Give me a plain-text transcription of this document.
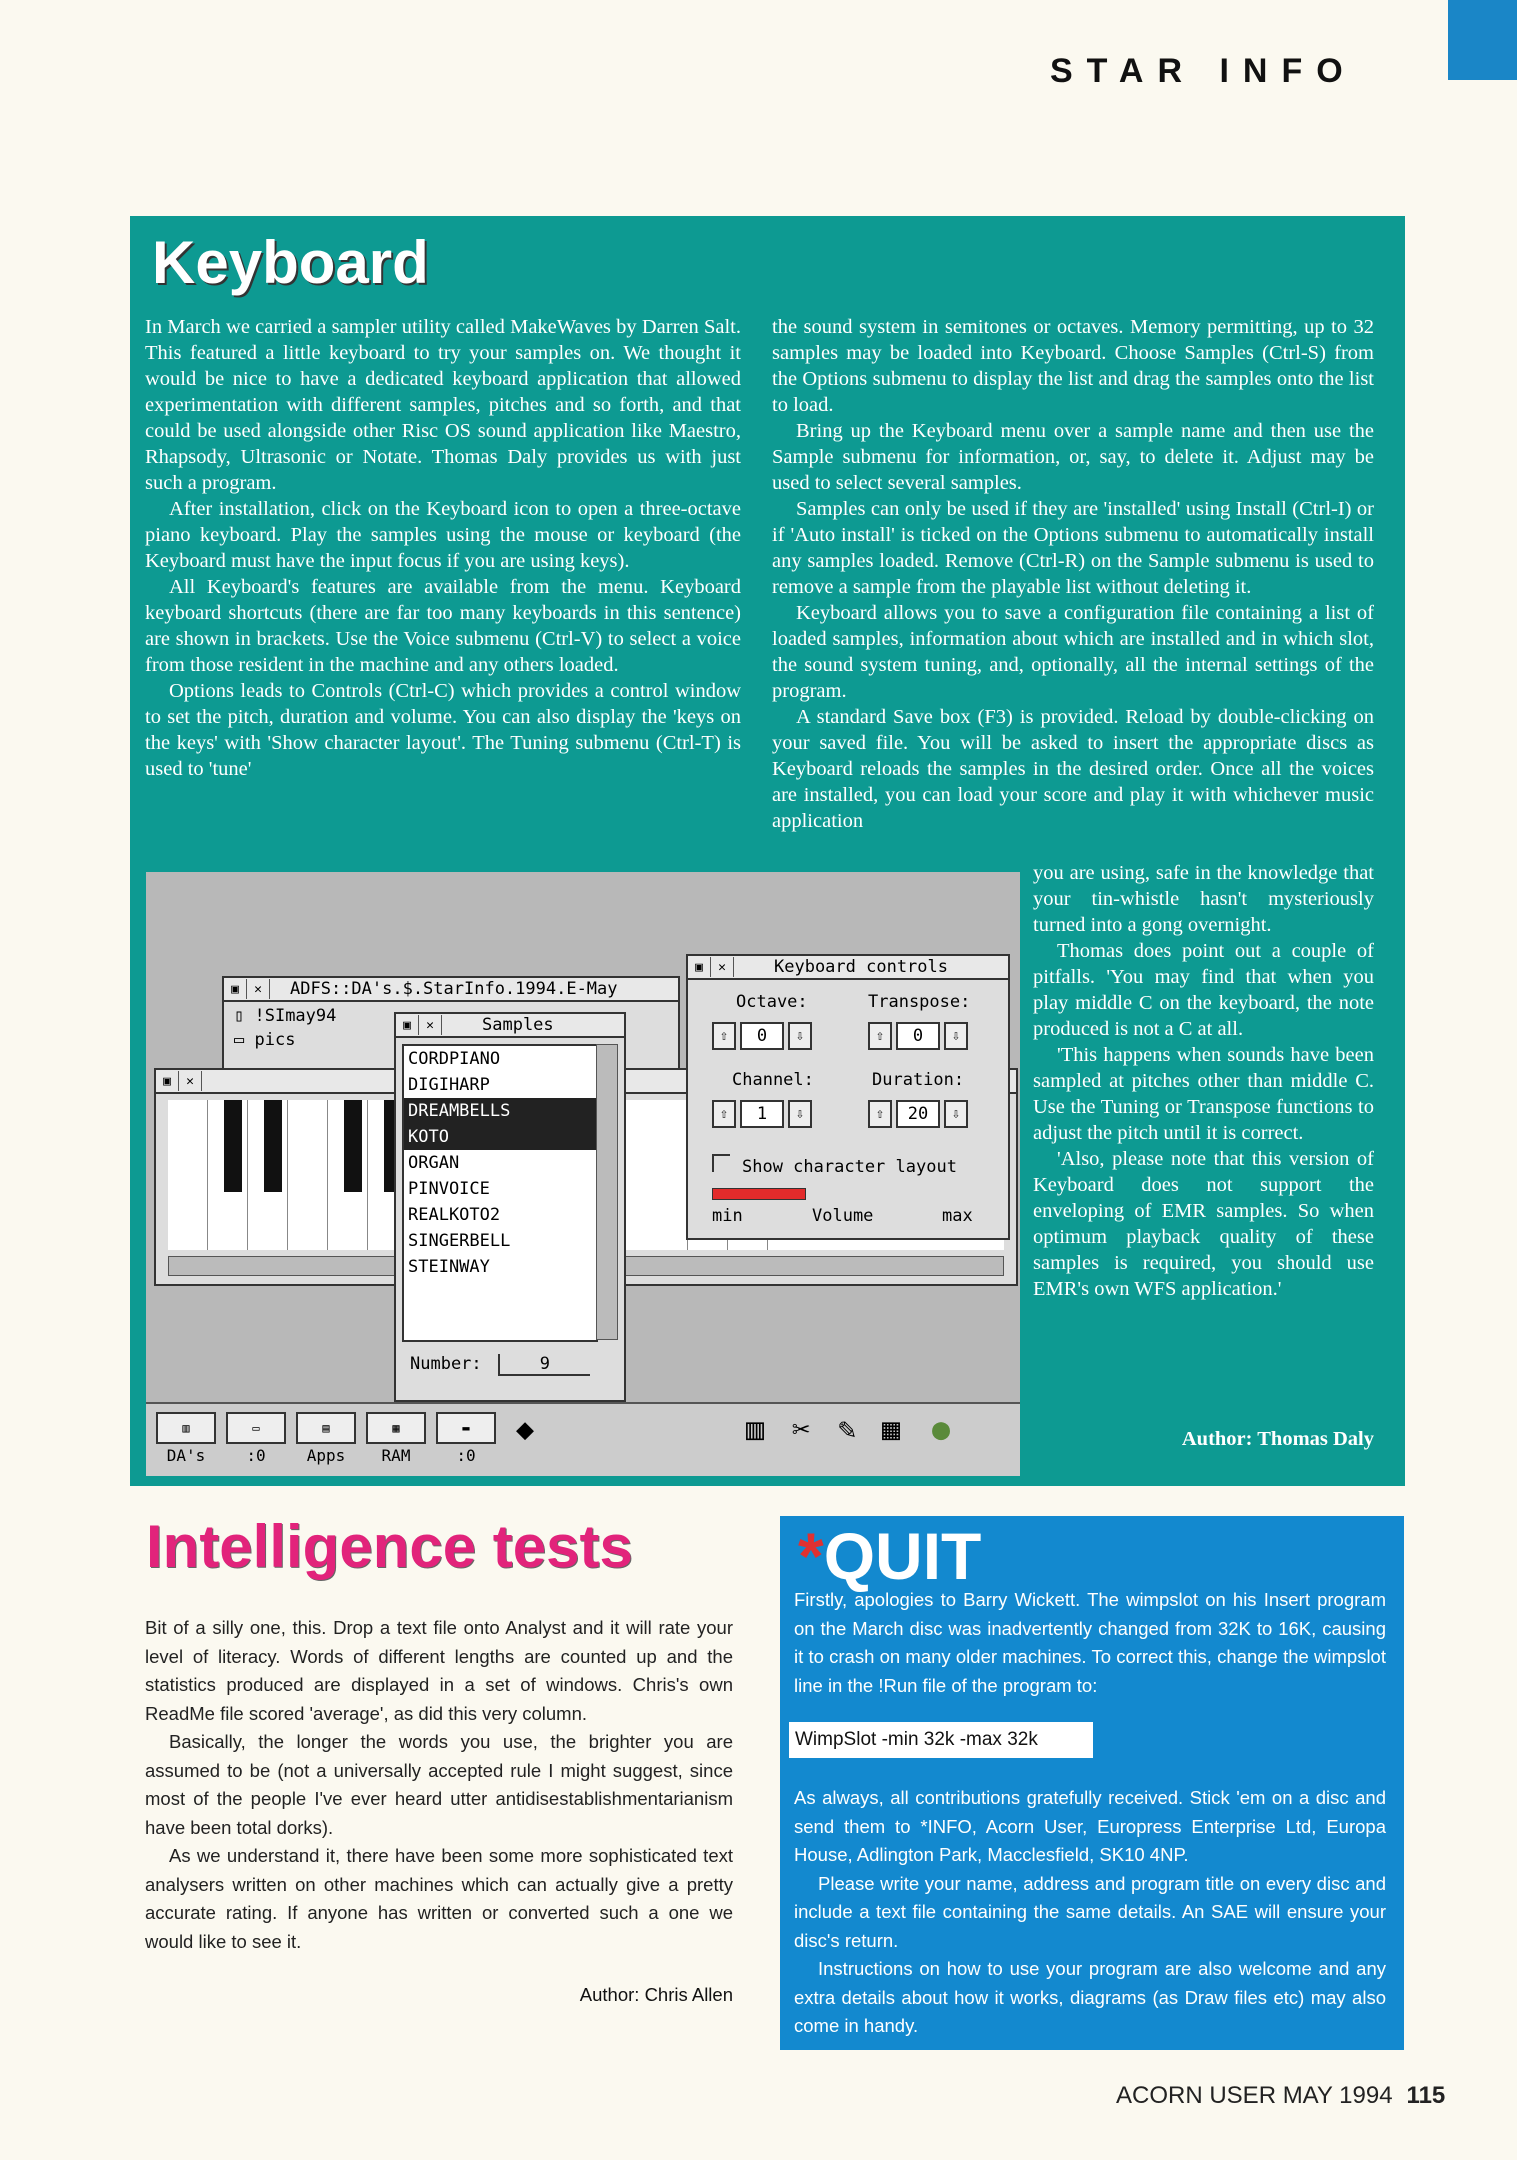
STAR INFO
Keyboard

In March we carried a sampler utility called MakeWaves by Darren Salt. This featured a little keyboard to try your samples on. We thought it would be nice to have a dedicated keyboard application that allowed experimentation with different samples, pitches and so forth, and that could be used alongside other Risc OS sound application like Maestro, Rhapsody, Ultrasonic or Notate. Thomas Daly provides us with just such a program.

After installation, click on the Keyboard icon to open a three-octave piano keyboard. Play the samples using the mouse or keyboard (the Keyboard must have the input focus if you are using keys).

All Keyboard's features are available from the menu. Keyboard keyboard shortcuts (there are far too many keyboards in this sentence) are shown in brackets. Use the Voice submenu (Ctrl-V) to select a voice from those resident in the machine and any others loaded.

Options leads to Controls (Ctrl-C) which provides a control window to set the pitch, duration and volume. You can also display the 'keys on the keys' with 'Show character layout'. The Tuning submenu (Ctrl-T) is used to 'tune'

the sound system in semitones or octaves. Memory permitting, up to 32 samples may be loaded into Keyboard. Choose Samples (Ctrl-S) from the Options submenu to display the list and drag the samples onto the list to load.

Bring up the Keyboard menu over a sample name and then use the Sample submenu for information, or, say, to delete it. Adjust may be used to select several samples.

Samples can only be used if they are 'installed' using Install (Ctrl-I) or if 'Auto install' is ticked on the Options submenu to automatically install any samples loaded. Remove (Ctrl-R) on the Sample submenu is used to remove a sample from the playable list without deleting it.

Keyboard allows you to save a configuration file containing a list of loaded samples, information about which are installed and in which slot, the sound system tuning, and, optionally, all the internal settings of the program.

A standard Save box (F3) is provided. Reload by double-clicking on your saved file. You will be asked to insert the appropriate discs as Keyboard reloads the samples in the desired order. Once all the voices are installed, you can load your score and play it with whichever music application

you are using, safe in the knowledge that your tin-whistle hasn't mysteriously turned into a gong overnight.

Thomas does point out a couple of pitfalls. 'You may find that when you play middle C on the keyboard, the note produced is not a C at all.

'This happens when sounds have been sampled at pitches other than middle C. Use the Tuning or Transpose functions to adjust the pitch until it is correct.

'Also, please note that this version of Keyboard does not support the enveloping of EMR samples. So when optimum playback quality of these samples is required, you should use EMR's own WFS application.'

Author: Thomas Daly
▣	✕
▣	✕	ADFS::DA's.$.StarInfo.1994.E-May
▯ !SImay94
▭ pics
▣	✕	Samples
CORDPIANO
DIGIHARP
DREAMBELLS
KOTO
ORGAN
PINVOICE
REALKOTO2
SINGERBELL
STEINWAY
Number:	9
▣	✕	Keyboard controls
Octave:	Transpose:
⇧	0	⇩	⇧	0	⇩
Channel:	Duration:
⇧	1	⇩	⇧	20	⇩
Show character layout
min	Volume	max
▥
DA's
▭
:0
▤
Apps
▦
RAM
▬
:0
◆	▥ ✂ ✎ ▦ ●
Intelligence tests

Bit of a silly one, this. Drop a text file onto Analyst and it will rate your level of literacy. Words of different lengths are counted up and the statistics produced are displayed in a set of windows. Chris's own ReadMe file scored 'average', as did this very column.

Basically, the longer the words you use, the brighter you are assumed to be (not a universally accepted rule I might suggest, since most of the people I've ever heard utter antidisestablishmentarianism have been total dorks).

As we understand it, there have been some more sophisticated text analysers written on other machines which can actually give a pretty accurate rating. If anyone has written or converted such a one we would like to see it.

Author: Chris Allen
*QUIT

Firstly, apologies to Barry Wickett. The wimpslot on his Insert program on the March disc was inadvertently changed from 32K to 16K, causing it to crash on many older machines. To correct this, change the wimpslot line in the !Run file of the program to:

WimpSlot -min 32k -max 32k

As always, all contributions gratefully received. Stick 'em on a disc and send them to *INFO, Acorn User, Europress Enterprise Ltd, Europa House, Adlington Park, Macclesfield, SK10 4NP.

Please write your name, address and program title on every disc and include a text file containing the same details. An SAE will ensure your disc's return.

Instructions on how to use your program are also welcome and any extra details about how it works, diagrams (as Draw files etc) may also come in handy.

ACORN USER MAY 1994 115
